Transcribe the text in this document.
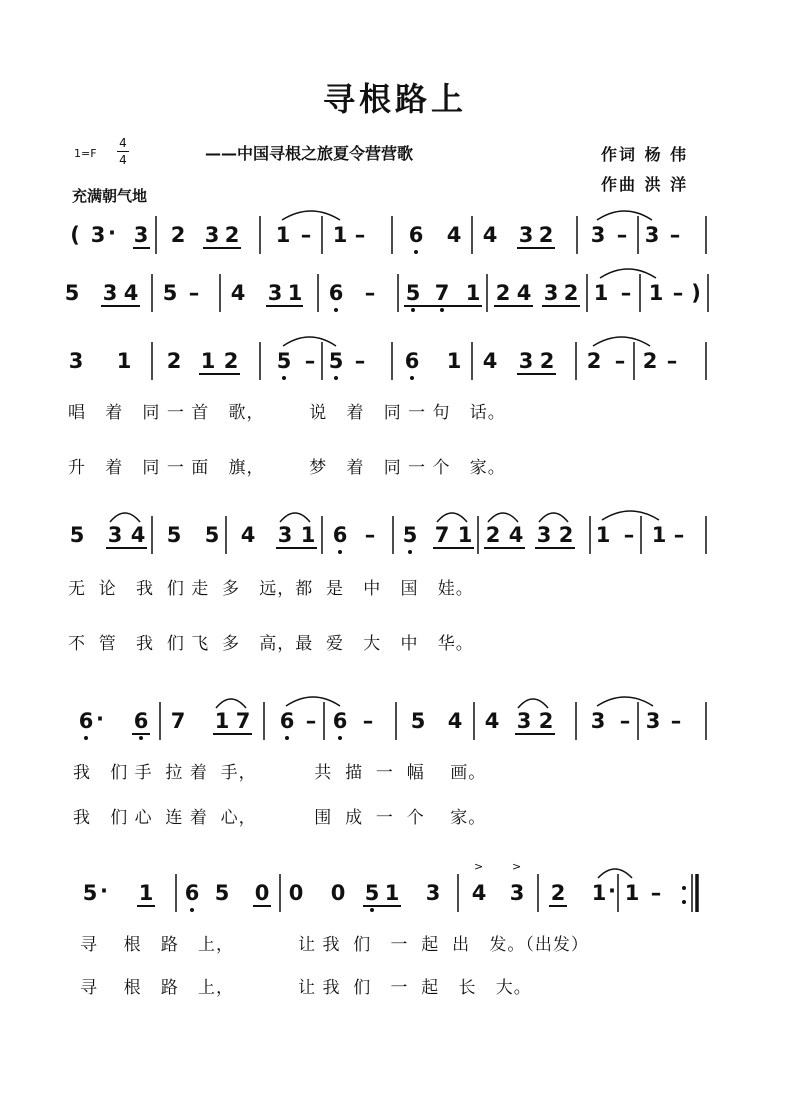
寻根路上
1=F
4
4	——中国寻根之旅夏令营营歌	作词 杨 伟
作曲 洪 洋
充满朝气地
( 3 · 3 2 3 2 1 – 1 – 6 4 4 3 2 3 – 3 –
5 3 4 5 – 4 3 1 6 – 5 7 1 2 4 3 2 1 – 1 – )
3 1 2 1 2 5 – 5 – 6 1 4 3 2 2 – 2 –
5 3 4 5 5 4 3 1 6 – 5 7 1 2 4 3 2 1 – 1 –
6 · 6 7 1 7 6 – 6 – 5 4 4 3 2 3 – 3 –
5 · 1 6 5 0 0 0 5 1 3 4 3
>	>
2 1 · 1 –
唱   着   同 一 首   歌，       说   着   同 一 句   话。
升   着   同 一 面   旗，       梦   着   同 一 个   家。
无  论   我  们 走  多   远，都  是   中   国   娃。
不  管   我  们 飞  多   高，最  爱   大   中   华。
我   们 手  拉 着  手，         共  描  一  幅    画。
我   们 心  连 着  心，         围  成  一  个    家。
寻    根   路   上，          让 我  们   一  起  出   发。（出发）
寻    根   路   上，          让 我  们   一  起   长   大。
